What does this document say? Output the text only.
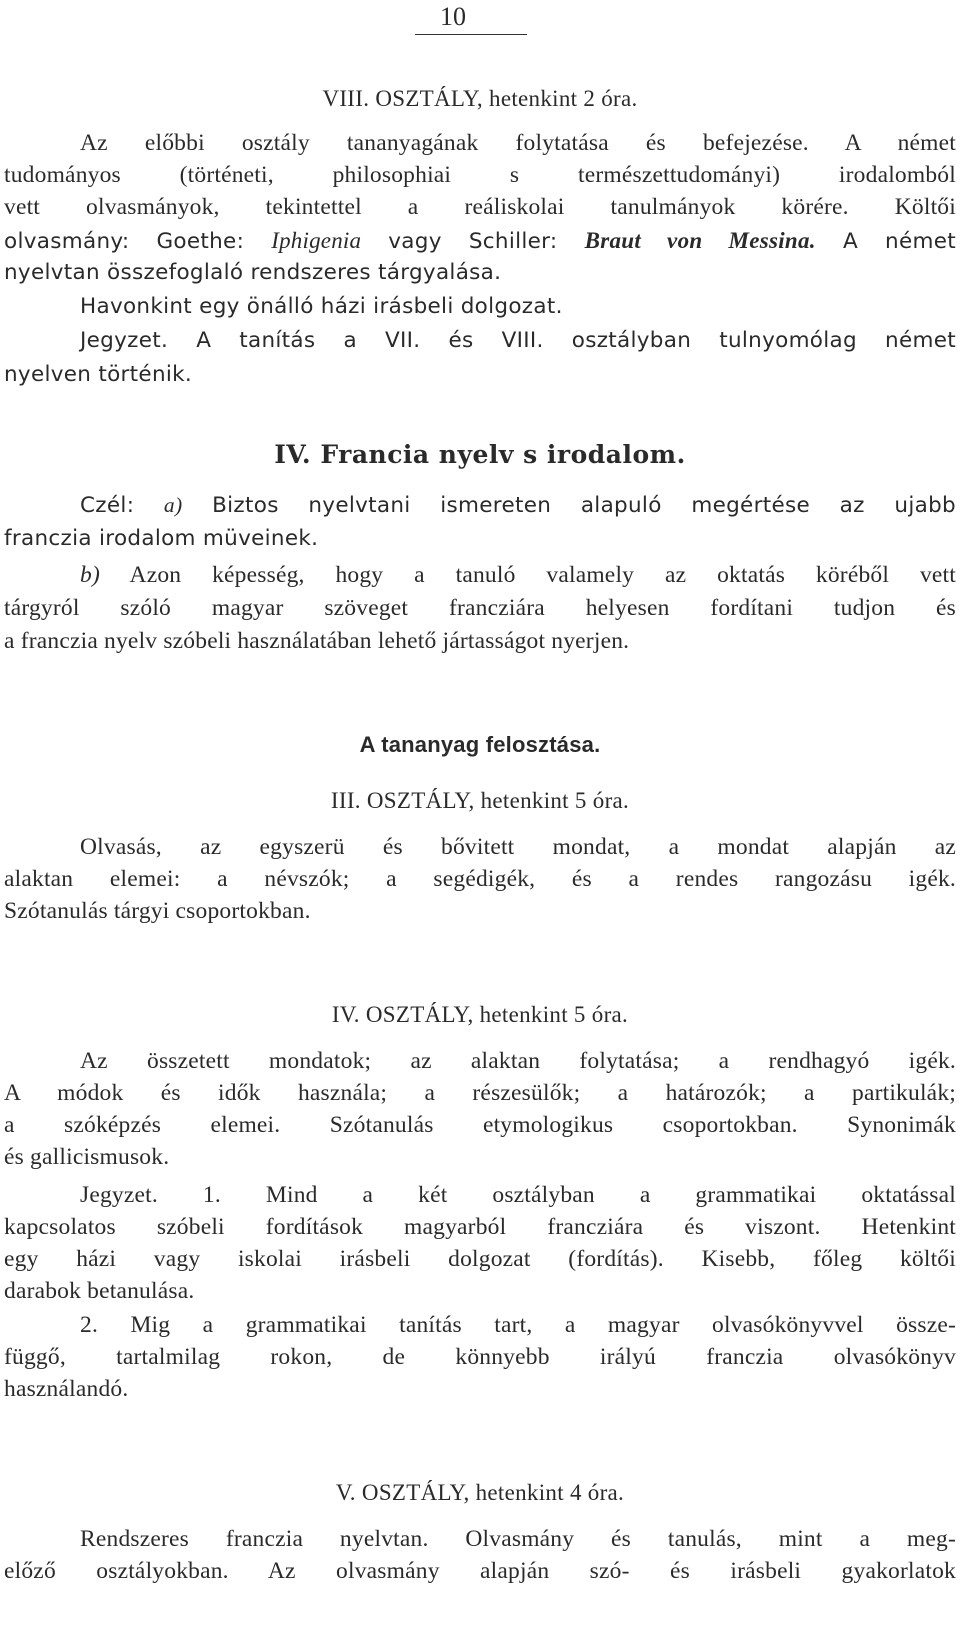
10
VIII. OSZTÁLY, hetenkint 2 óra.
Az előbbi osztály tananyagának folytatása és befejezése. A német
tudományos (történeti, philosophiai s természettudományi) irodalomból
vett olvasmányok, tekintettel a reáliskolai tanulmányok körére. Költői
olvasmány: Goethe: Iphigenia vagy Schiller: Braut von Messina. A német
nyelvtan összefoglaló rendszeres tárgyalása.
Havonkint egy önálló házi irásbeli dolgozat.
Jegyzet. A tanítás a VII. és VIII. osztályban tulnyomólag német
nyelven történik.
IV. Francia nyelv s irodalom.
Czél: a) Biztos nyelvtani ismereten alapuló megértése az ujabb
franczia irodalom müveinek.
b) Azon képesség, hogy a tanuló valamely az oktatás köréből vett
tárgyról szóló magyar szöveget francziára helyesen fordítani tudjon és
a franczia nyelv szóbeli használatában lehető jártasságot nyerjen.
A tananyag felosztása.
III. OSZTÁLY, hetenkint 5 óra.
Olvasás, az egyszerü és bővitett mondat, a mondat alapján az
alaktan elemei: a névszók; a segédigék, és a rendes rangozásu igék.
Szótanulás tárgyi csoportokban.
IV. OSZTÁLY, hetenkint 5 óra.
Az összetett mondatok; az alaktan folytatása; a rendhagyó igék.
A módok és idők használa; a részesülők; a határozók; a partikulák;
a szóképzés elemei. Szótanulás etymologikus csoportokban. Synonimák
és gallicismusok.
Jegyzet. 1. Mind a két osztályban a grammatikai oktatással
kapcsolatos szóbeli fordítások magyarból francziára és viszont. Hetenkint
egy házi vagy iskolai irásbeli dolgozat (fordítás). Kisebb, főleg költői
darabok betanulása.
2. Mig a grammatikai tanítás tart, a magyar olvasókönyvvel össze-
függő, tartalmilag rokon, de könnyebb irályú franczia olvasókönyv
használandó.
V. OSZTÁLY, hetenkint 4 óra.
Rendszeres franczia nyelvtan. Olvasmány és tanulás, mint a meg-
előző osztályokban. Az olvasmány alapján szó- és irásbeli gyakorlatok
